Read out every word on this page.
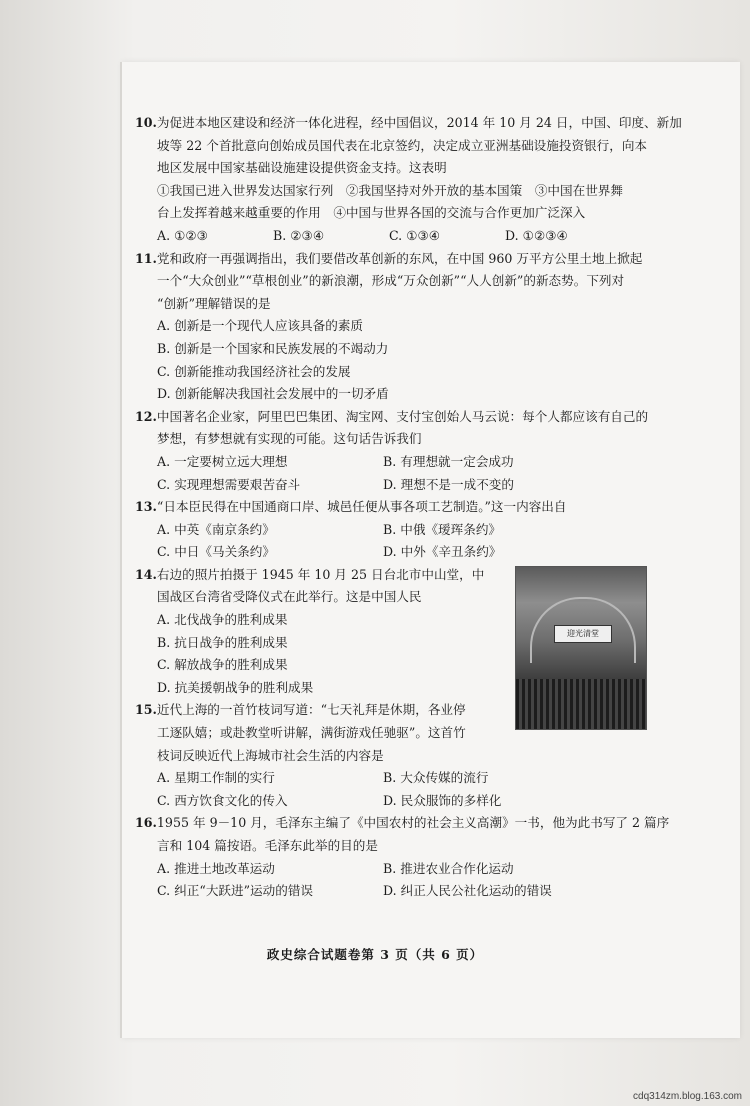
10.为促进本地区建设和经济一体化进程，经中国倡议，2014 年 10 月 24 日，中国、印度、新加
坡等 22 个首批意向创始成员国代表在北京签约，决定成立亚洲基础设施投资银行，向本
地区发展中国家基础设施建设提供资金支持。这表明
①我国已进入世界发达国家行列　②我国坚持对外开放的基本国策　③中国在世界舞
台上发挥着越来越重要的作用　④中国与世界各国的交流与合作更加广泛深入
A. ①②③	B. ②③④	C. ①③④	D. ①②③④
11.党和政府一再强调指出，我们要借改革创新的东风，在中国 960 万平方公里土地上掀起
一个“大众创业”“草根创业”的新浪潮，形成“万众创新”“人人创新”的新态势。下列对
“创新”理解错误的是
A. 创新是一个现代人应该具备的素质
B. 创新是一个国家和民族发展的不竭动力
C. 创新能推动我国经济社会的发展
D. 创新能解决我国社会发展中的一切矛盾
12.中国著名企业家，阿里巴巴集团、淘宝网、支付宝创始人马云说：每个人都应该有自己的
梦想，有梦想就有实现的可能。这句话告诉我们
A. 一定要树立远大理想	B. 有理想就一定会成功
C. 实现理想需要艰苦奋斗	D. 理想不是一成不变的
13.“日本臣民得在中国通商口岸、城邑任便从事各项工艺制造。”这一内容出自
A. 中英《南京条约》	B. 中俄《瑷珲条约》
C. 中日《马关条约》	D. 中外《辛丑条约》
14.右边的照片拍摄于 1945 年 10 月 25 日台北市中山堂，中
国战区台湾省受降仪式在此举行。这是中国人民
A. 北伐战争的胜利成果
B. 抗日战争的胜利成果
C. 解放战争的胜利成果
D. 抗美援朝战争的胜利成果
15.近代上海的一首竹枝词写道：“七天礼拜是休期，各业停
工逐队嬉；或赴教堂听讲解，满街游戏任驰驱”。这首竹
枝词反映近代上海城市社会生活的内容是
A. 星期工作制的实行	B. 大众传媒的流行
C. 西方饮食文化的传入	D. 民众服饰的多样化
16.1955 年 9－10 月，毛泽东主编了《中国农村的社会主义高潮》一书，他为此书写了 2 篇序
言和 104 篇按语。毛泽东此举的目的是
A. 推进土地改革运动	B. 推进农业合作化运动
C. 纠正“大跃进”运动的错误	D. 纠正人民公社化运动的错误
迎光清堂
政史综合试题卷第 3 页（共 6 页）
cdq314zm.blog.163.com
